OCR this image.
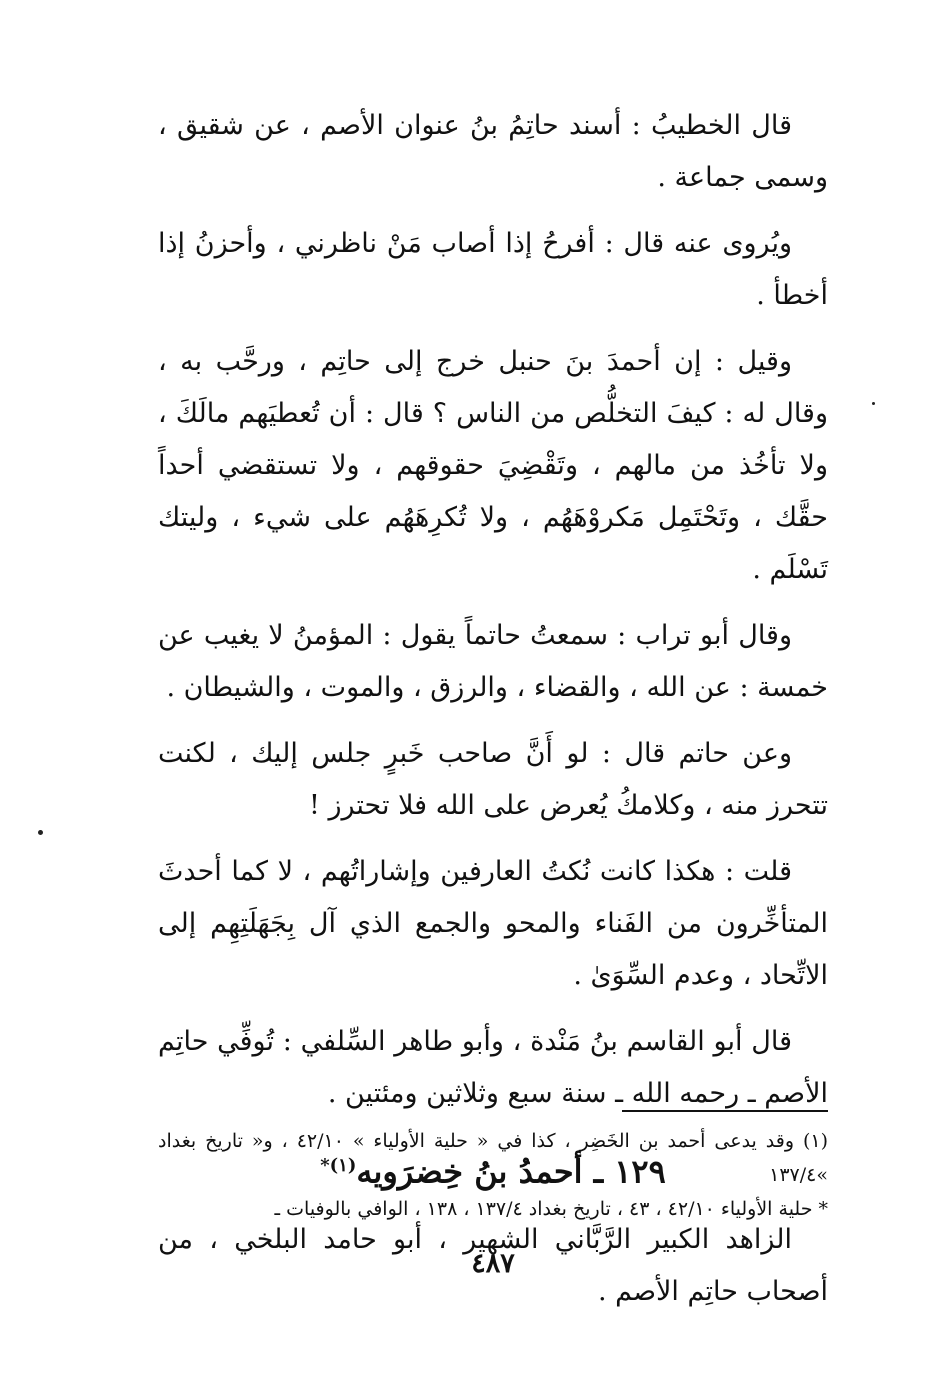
قال الخطيبُ : أسند حاتِمُ بنُ عنوان الأصم ، عن شقيق ، وسمى جماعة .

ويُروى عنه قال : أفرحُ إذا أصاب مَنْ ناظرني ، وأحزنُ إذا أخطأ .

وقيل : إن أحمدَ بنَ حنبل خرج إلى حاتِم ، ورحَّب به ، وقال له : كيفَ التخلُّص من الناس ؟ قال : أن تُعطيَهم مالَكَ ، ولا تأخُذ من مالهم ، وتَقْضِيَ حقوقهم ، ولا تستقضي أحداً حقَّك ، وتَحْتَمِل مَكروْهَهُم ، ولا تُكرِهَهُم على شيء ، وليتك تَسْلَم .

وقال أبو تراب : سمعتُ حاتماً يقول : المؤمنُ لا يغيب عن خمسة : عن الله ، والقضاء ، والرزق ، والموت ، والشيطان .

وعن حاتم قال : لو أَنَّ صاحب خَبرٍ جلس إليك ، لكنت تتحرز منه ، وكلامكُ يُعرض على الله فلا تحترز !

قلت : هكذا كانت نُكتُ العارفين وإشاراتُهم ، لا كما أحدثَ المتأخِّرون من الفَناء والمحو والجمع الذي آل بِجَهَلَتِهِم إلى الاتِّحاد ، وعدم السِّوَىٰ .

قال أبو القاسم بنُ مَنْدة ، وأبو طاهر السِّلفي : تُوفِّي حاتِم الأصم ـ رحمه الله ـ سنة سبع وثلاثين ومئتين .

١٢٩ ـ أحمدُ بنُ خِضرَويه$^{(١)*}$

الزاهد الكبير الرَّبَّاني الشهير ، أبو حامد البلخي ، من أصحاب حاتِم الأصم .

(١) وقد يدعى أحمد بن الخَضِر ، كذا في « حلية الأولياء » ٤٢/١٠ ، و« تاريخ بغداد »١٣٧/٤

* حلية الأولياء ٤٢/١٠ ، ٤٣ ، تاريخ بغداد ١٣٧/٤ ، ١٣٨ ، الوافي بالوفيات ـ

٤٨٧
